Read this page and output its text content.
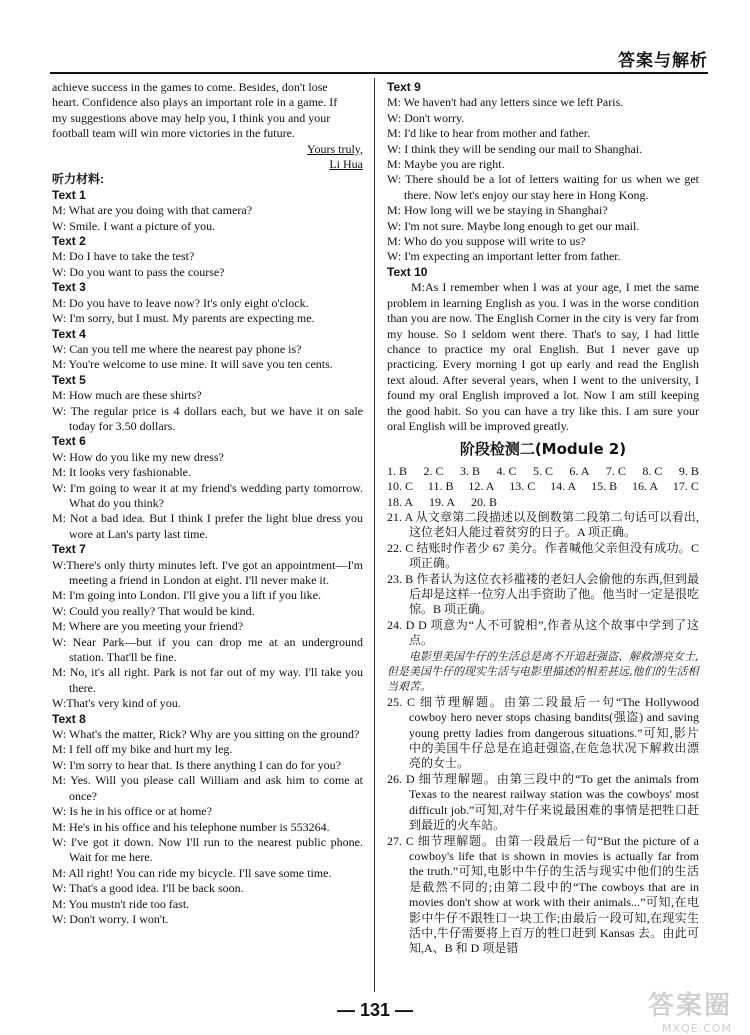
答案与解析

achieve success in the games to come. Besides, don't lose

heart. Confidence also plays an important role in a game. If

my suggestions above may help you, I think you and your

football team will win more victories in the future.

Yours truly,

Li Hua

听力材料:

Text 1

M: What are you doing with that camera?

W: Smile. I want a picture of you.

Text 2

M: Do I have to take the test?

W: Do you want to pass the course?

Text 3

M: Do you have to leave now? It's only eight o'clock.

W: I'm sorry, but I must. My parents are expecting me.

Text 4

W: Can you tell me where the nearest pay phone is?

M: You're welcome to use mine. It will save you ten cents.

Text 5

M: How much are these shirts?

W: The regular price is 4 dollars each, but we have it on sale today for 3.50 dollars.

Text 6

W: How do you like my new dress?

M: It looks very fashionable.

W: I'm going to wear it at my friend's wedding party tomorrow. What do you think?

M: Not a bad idea. But I think I prefer the light blue dress you wore at Lan's party last time.

Text 7

W:There's only thirty minutes left. I've got an appointment—I'm meeting a friend in London at eight. I'll never make it.

M: I'm going into London. I'll give you a lift if you like.

W: Could you really? That would be kind.

M: Where are you meeting your friend?

W: Near Park—but if you can drop me at an underground station. That'll be fine.

M: No, it's all right. Park is not far out of my way. I'll take you there.

W:That's very kind of you.

Text 8

W: What's the matter, Rick? Why are you sitting on the ground?

M: I fell off my bike and hurt my leg.

W: I'm sorry to hear that. Is there anything I can do for you?

M: Yes. Will you please call William and ask him to come at once?

W: Is he in his office or at home?

M: He's in his office and his telephone number is 553264.

W: I've got it down. Now I'll run to the nearest public phone. Wait for me here.

M: All right! You can ride my bicycle. I'll save some time.

W: That's a good idea. I'll be back soon.

M: You mustn't ride too fast.

W: Don't worry. I won't.

Text 9

M: We haven't had any letters since we left Paris.

W: Don't worry.

M: I'd like to hear from mother and father.

W: I think they will be sending our mail to Shanghai.

M: Maybe you are right.

W: There should be a lot of letters waiting for us when we get there. Now let's enjoy our stay here in Hong Kong.

M: How long will we be staying in Shanghai?

W: I'm not sure. Maybe long enough to get our mail.

M: Who do you suppose will write to us?

W: I'm expecting an important letter from father.

Text 10

M:As I remember when I was at your age, I met the same problem in learning English as you. I was in the worse condition than you are now. The English Corner in the city is very far from my house. So I seldom went there. That's to say, I had little chance to practice my oral English. But I never gave up practicing. Every morning I got up early and read the English text aloud. After several years, when I went to the university, I found my oral English improved a lot. Now I am still keeping the good habit. So you can have a try like this. I am sure your oral English will be improved greatly.

阶段检测二(Module 2)
1. B 2. C 3. B 4. C 5. C 6. A 7. C 8. C 9. B
10. C 11. B 12. A 13. C 14. A 15. B 16. A 17. C
18. A 19. A 20. B

21. A 从文章第二段描述以及倒数第二段第二句话可以看出,这位老妇人能过着贫穷的日子。A 项正确。

22. C 结账时作者少 67 美分。作者喊他父亲但没有成功。C 项正确。

23. B 作者认为这位衣衫褴褛的老妇人会偷他的东西,但到最后却是这样一位穷人出手资助了他。他当时一定是很吃惊。B 项正确。

24. D D 项意为“人不可貌相”,作者从这个故事中学到了这点。

电影里美国牛仔的生活总是离不开追赶强盗、解救漂亮女士,但是美国牛仔的现实生活与电影里描述的相差甚远,他们的生活相当艰苦。

25. C 细节理解题。由第二段最后一句“The Hollywood cowboy hero never stops chasing bandits(强盗) and saving young pretty ladies from dangerous situations.”可知,影片中的美国牛仔总是在追赶强盗,在危急状况下解救出漂亮的女士。

26. D 细节理解题。由第三段中的“To get the animals from Texas to the nearest railway station was the cowboys' most difficult job.”可知,对牛仔来说最困难的事情是把牲口赶到最近的火车站。

27. C 细节理解题。由第一段最后一句“But the picture of a cowboy's life that is shown in movies is actually far from the truth.”可知,电影中牛仔的生活与现实中他们的生活是截然不同的;由第二段中的“The cowboys that are in movies don't show at work with their animals...”可知,在电影中牛仔不跟牲口一块工作;由最后一段可知,在现实生活中,牛仔需要将上百万的牲口赶到 Kansas 去。由此可知,A、B 和 D 项是错

— 131 —	答案圈
MXQE.COM
